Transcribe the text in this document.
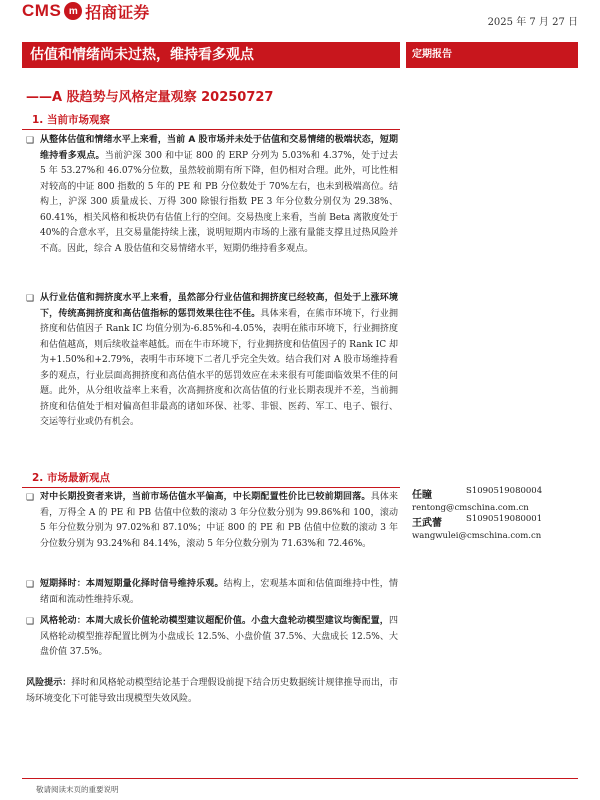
CMS m 招商证券
2025 年 7 月 27 日
估值和情绪尚未过热，维持看多观点	定期报告
——A 股趋势与风格定量观察 20250727
1. 当前市场观察
❑ 从整体估值和情绪水平上来看，当前 A 股市场并未处于估值和交易情绪的极端状态，短期维持看多观点。当前沪深 300 和中证 800 的 ERP 分列为 5.03%和 4.37%，处于过去 5 年 53.27%和 46.07%分位数，虽然较前期有所下降，但仍相对合理。此外，可比性相对较高的中证 800 指数的 5 年的 PE 和 PB 分位数处于 70%左右，也未到极端高位。结构上，沪深 300 质量成长、万得 300 除银行指数 PE 3 年分位数分别仅为 29.38%、60.41%，相关风格和板块仍有估值上行的空间。交易热度上来看，当前 Beta 离散度处于 40%的合意水平，且交易量能持续上涨，说明短期内市场的上涨有量能支撑且过热风险并不高。因此，综合 A 股估值和交易情绪水平，短期仍维持看多观点。
❑ 从行业估值和拥挤度水平上来看，虽然部分行业估值和拥挤度已经较高，但处于上涨环境下，传统高拥挤度和高估值指标的惩罚效果往往不佳。具体来看，在熊市环境下，行业拥挤度和估值因子 Rank IC 均值分别为-6.85%和-4.05%，表明在熊市环境下，行业拥挤度和估值越高，则后续收益率越低。而在牛市环境下，行业拥挤度和估值因子的 Rank IC 却为+1.50%和+2.79%，表明牛市环境下二者几乎完全失效。结合我们对 A 股市场维持看多的观点，行业层面高拥挤度和高估值水平的惩罚效应在未来很有可能面临效果不佳的问题。此外，从分组收益率上来看，次高拥挤度和次高估值的行业长期表现并不差，当前拥挤度和估值处于相对偏高但非最高的诸如环保、社零、非银、医药、军工、电子、银行、交运等行业或仍有机会。
2. 市场最新观点
❑ 对中长期投资者来讲，当前市场估值水平偏高，中长期配置性价比已较前期回落。具体来看，万得全 A 的 PE 和 PB 估值中位数的滚动 3 年分位数分别为 99.86%和 100，滚动 5 年分位数分别为 97.02%和 87.10%；中证 800 的 PE 和 PB 估值中位数的滚动 3 年分位数分别为 93.24%和 84.14%，滚动 5 年分位数分别为 71.63%和 72.46%。
❑ 短期择时：本周短期量化择时信号维持乐观。结构上，宏观基本面和估值面维持中性，情绪面和流动性维持乐观。
❑ 风格轮动：本周大成长价值轮动模型建议超配价值。小盘大盘轮动模型建议均衡配置，四风格轮动模型推荐配置比例为小盘成长 12.5%、小盘价值 37.5%、大盘成长 12.5%、大盘价值 37.5%。
风险提示：择时和风格轮动模型结论基于合理假设前提下结合历史数据统计规律推导而出，市场环境变化下可能导致出现模型失效风险。
任瞳	S1090519080004
rentong@cmschina.com.cn
王武蕾	S1090519080001
wangwulei@cmschina.com.cn
敬请阅读末页的重要说明
